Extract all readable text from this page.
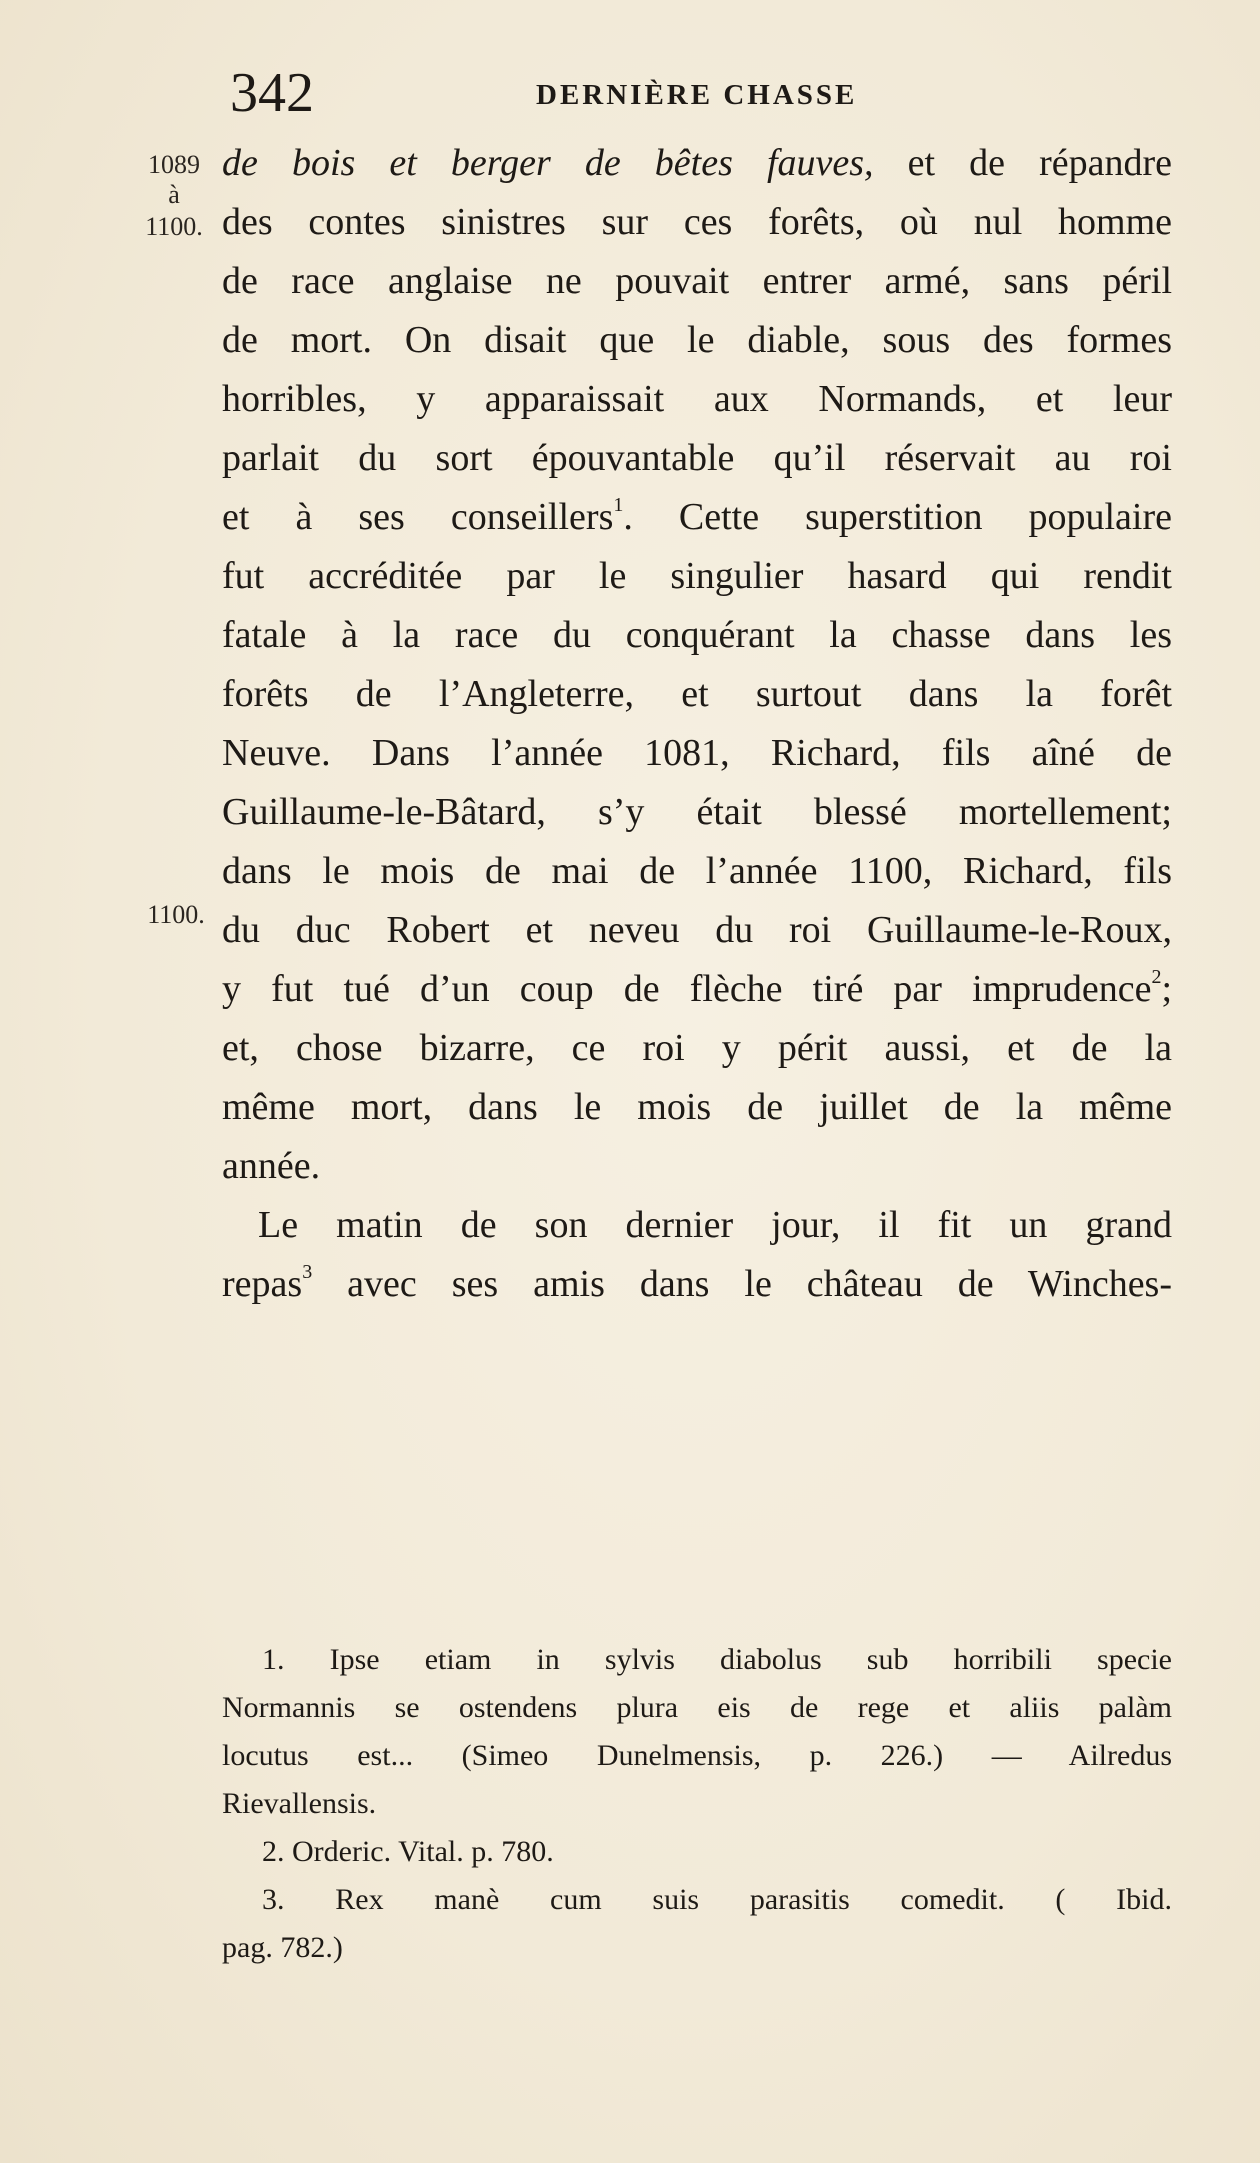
342	DERNIÈRE CHASSE
1089
à
1100.
1100.
de bois et berger de bêtes fauves, et de répandre
des contes sinistres sur ces forêts, où nul homme
de race anglaise ne pouvait entrer armé, sans péril
de mort. On disait que le diable, sous des formes
horribles, y apparaissait aux Normands, et leur
parlait du sort épouvantable qu’il réservait au roi
et à ses conseillers$^1$. Cette superstition populaire
fut accréditée par le singulier hasard qui rendit
fatale à la race du conquérant la chasse dans les
forêts de l’Angleterre, et surtout dans la forêt
Neuve. Dans l’année 1081, Richard, fils aîné de
Guillaume-le-Bâtard, s’y était blessé mortellement;
dans le mois de mai de l’année 1100, Richard, fils
du duc Robert et neveu du roi Guillaume-le-Roux,
y fut tué d’un coup de flèche tiré par imprudence$^2$;
et, chose bizarre, ce roi y périt aussi, et de la
même mort, dans le mois de juillet de la même
année.
Le matin de son dernier jour, il fit un grand
repas$^3$ avec ses amis dans le château de Winches-
1. Ipse etiam in sylvis diabolus sub horribili specie
Normannis se ostendens plura eis de rege et aliis palàm
locutus est... (Simeo Dunelmensis, p. 226.) — Ailredus
Rievallensis.
2. Orderic. Vital. p. 780.
3. Rex manè cum suis parasitis comedit. ( Ibid.
pag. 782.)
